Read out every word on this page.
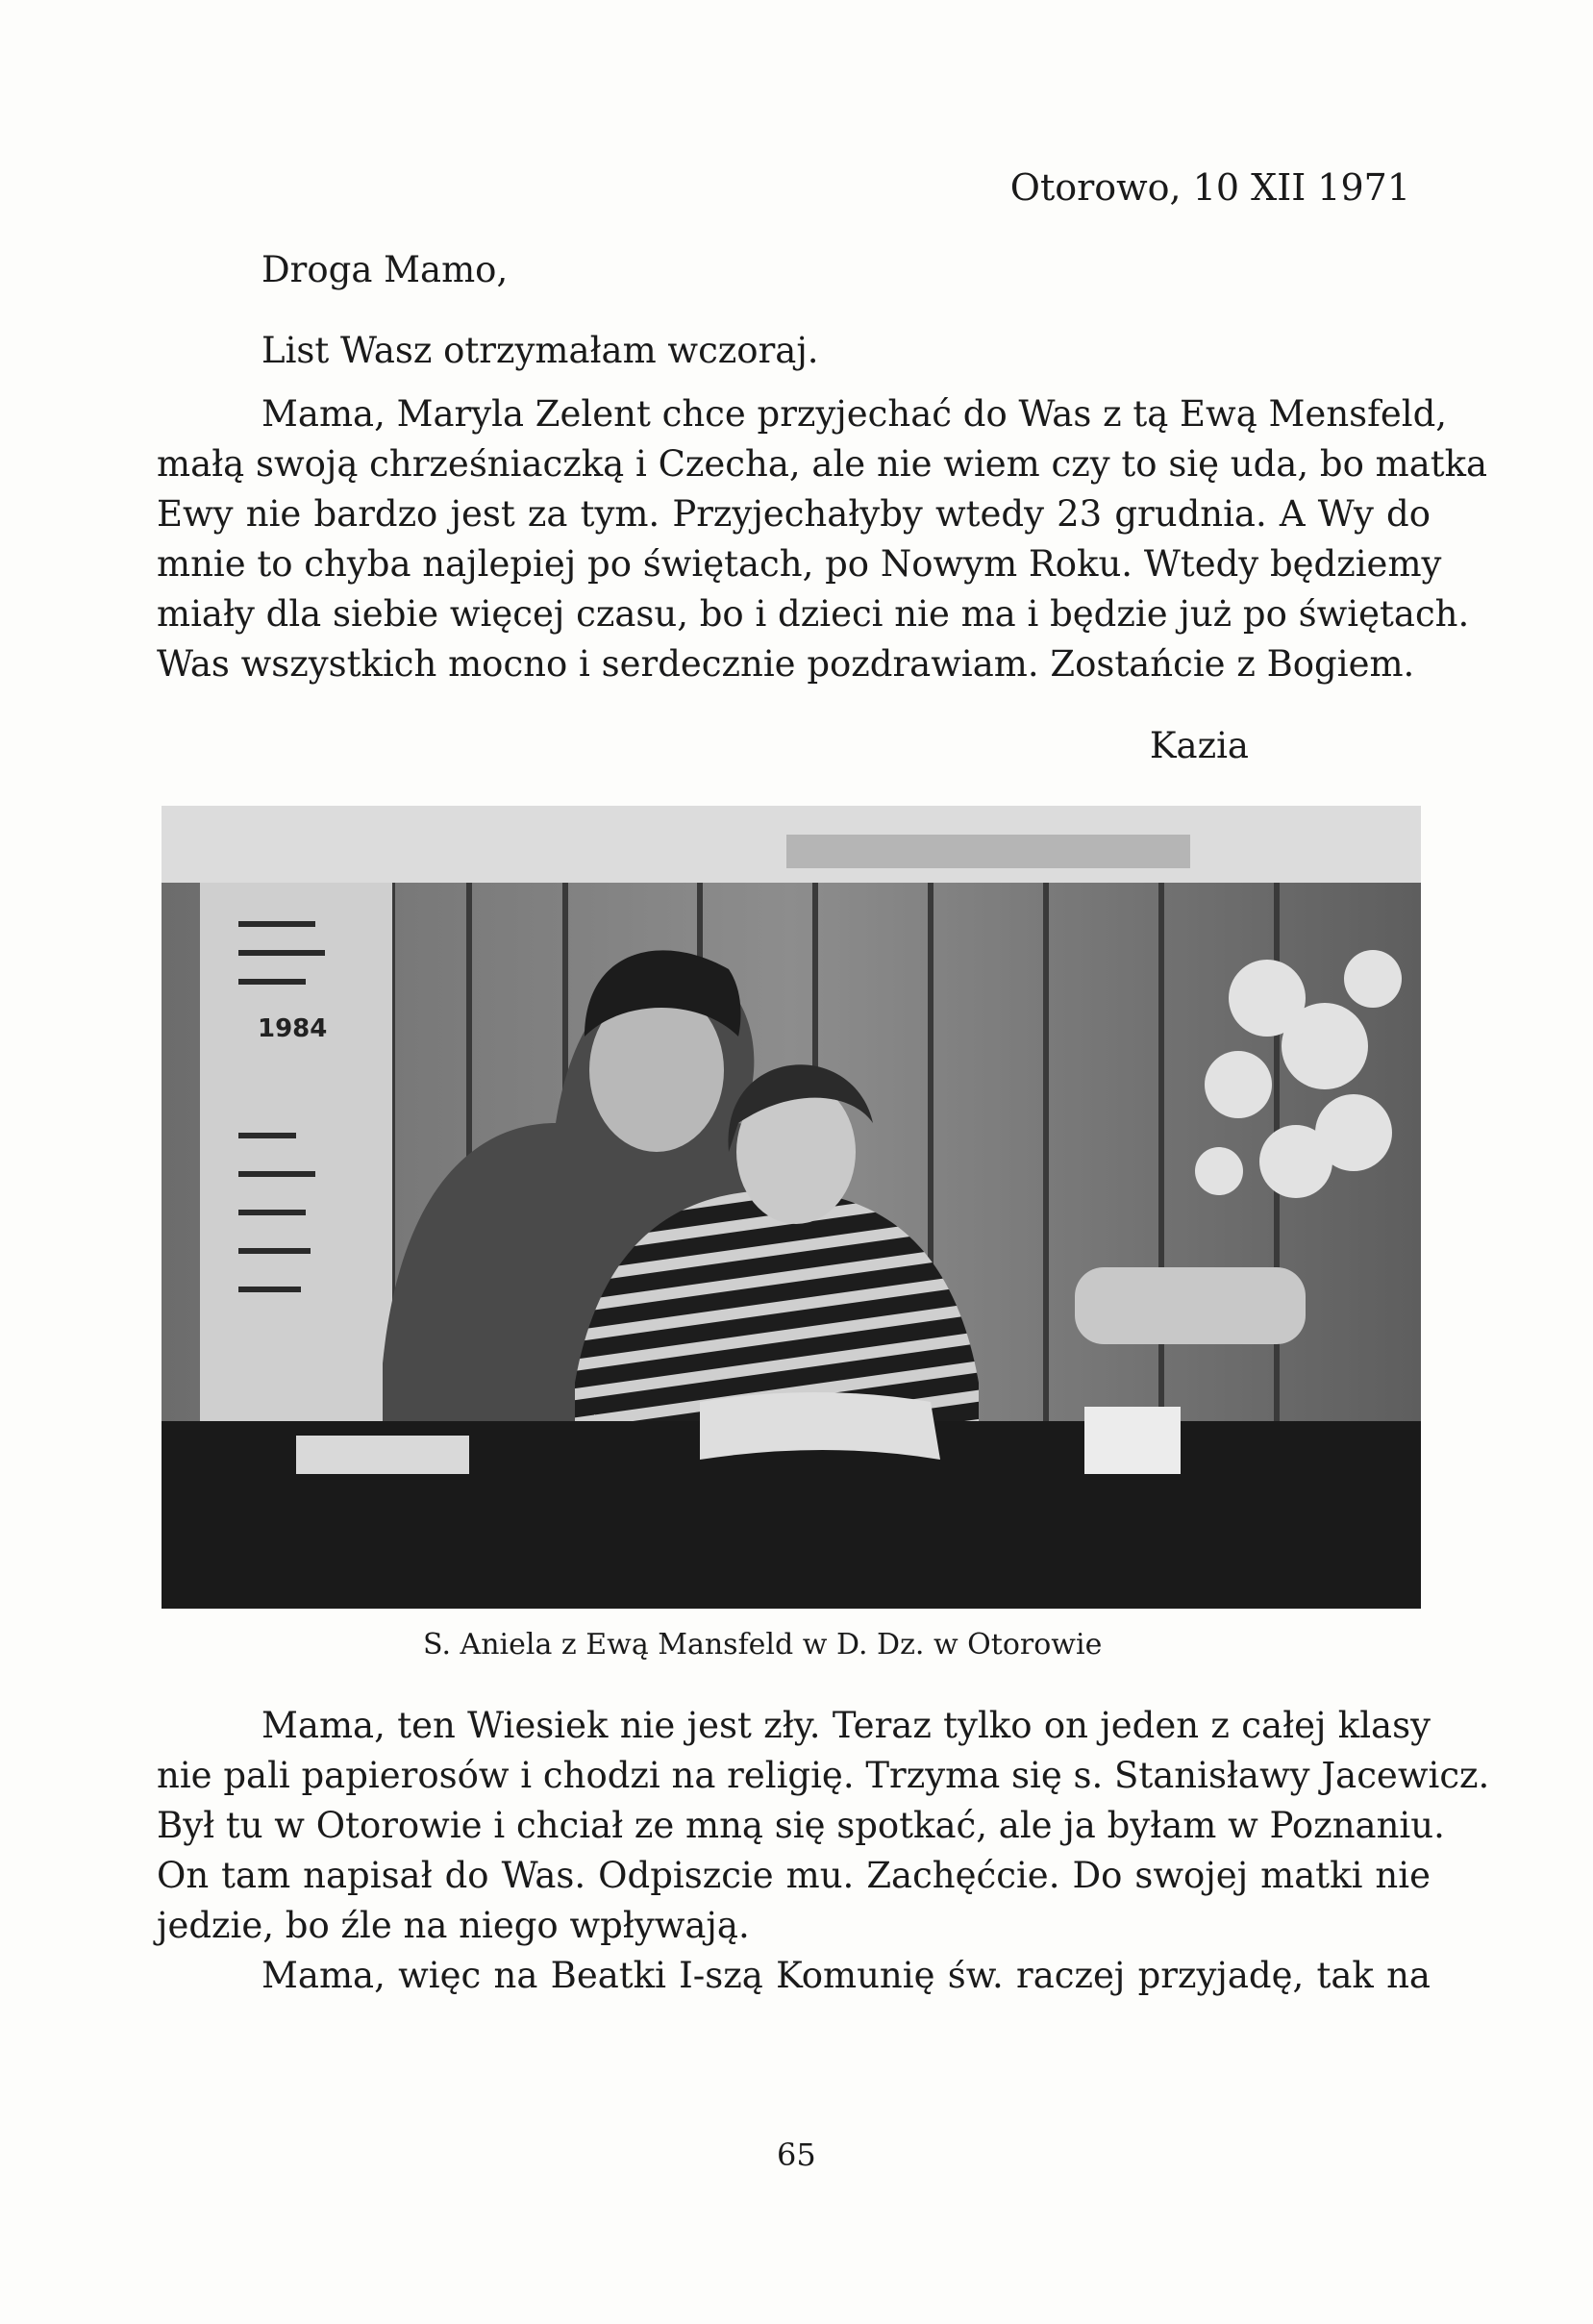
Otorowo, 10 XII 1971
Droga Mamo,
List Wasz otrzymałam wczoraj.
Mama, Maryla Zelent chce przyjechać do Was z tą Ewą Mensfeld,
małą swoją chrześniaczką i Czecha, ale nie wiem czy to się uda, bo matka
Ewy nie bardzo jest za tym. Przyjechałyby wtedy 23 grudnia. A Wy do
mnie to chyba najlepiej po świętach, po Nowym Roku. Wtedy będziemy
miały dla siebie więcej czasu, bo i dzieci nie ma i będzie już po świętach.
Was wszystkich mocno i serdecznie pozdrawiam. Zostańcie z Bogiem.
Kazia
1984
S. Aniela z Ewą Mansfeld w D. Dz. w Otorowie
Mama, ten Wiesiek nie jest zły. Teraz tylko on jeden z całej klasy
nie pali papierosów i chodzi na religię. Trzyma się s. Stanisławy Jacewicz.
Był tu w Otorowie i chciał ze mną się spotkać, ale ja byłam w Poznaniu.
On tam napisał do Was. Odpiszcie mu. Zachęćcie. Do swojej matki nie
jedzie, bo źle na niego wpływają.
Mama, więc na Beatki I-szą Komunię św. raczej przyjadę, tak na
65
